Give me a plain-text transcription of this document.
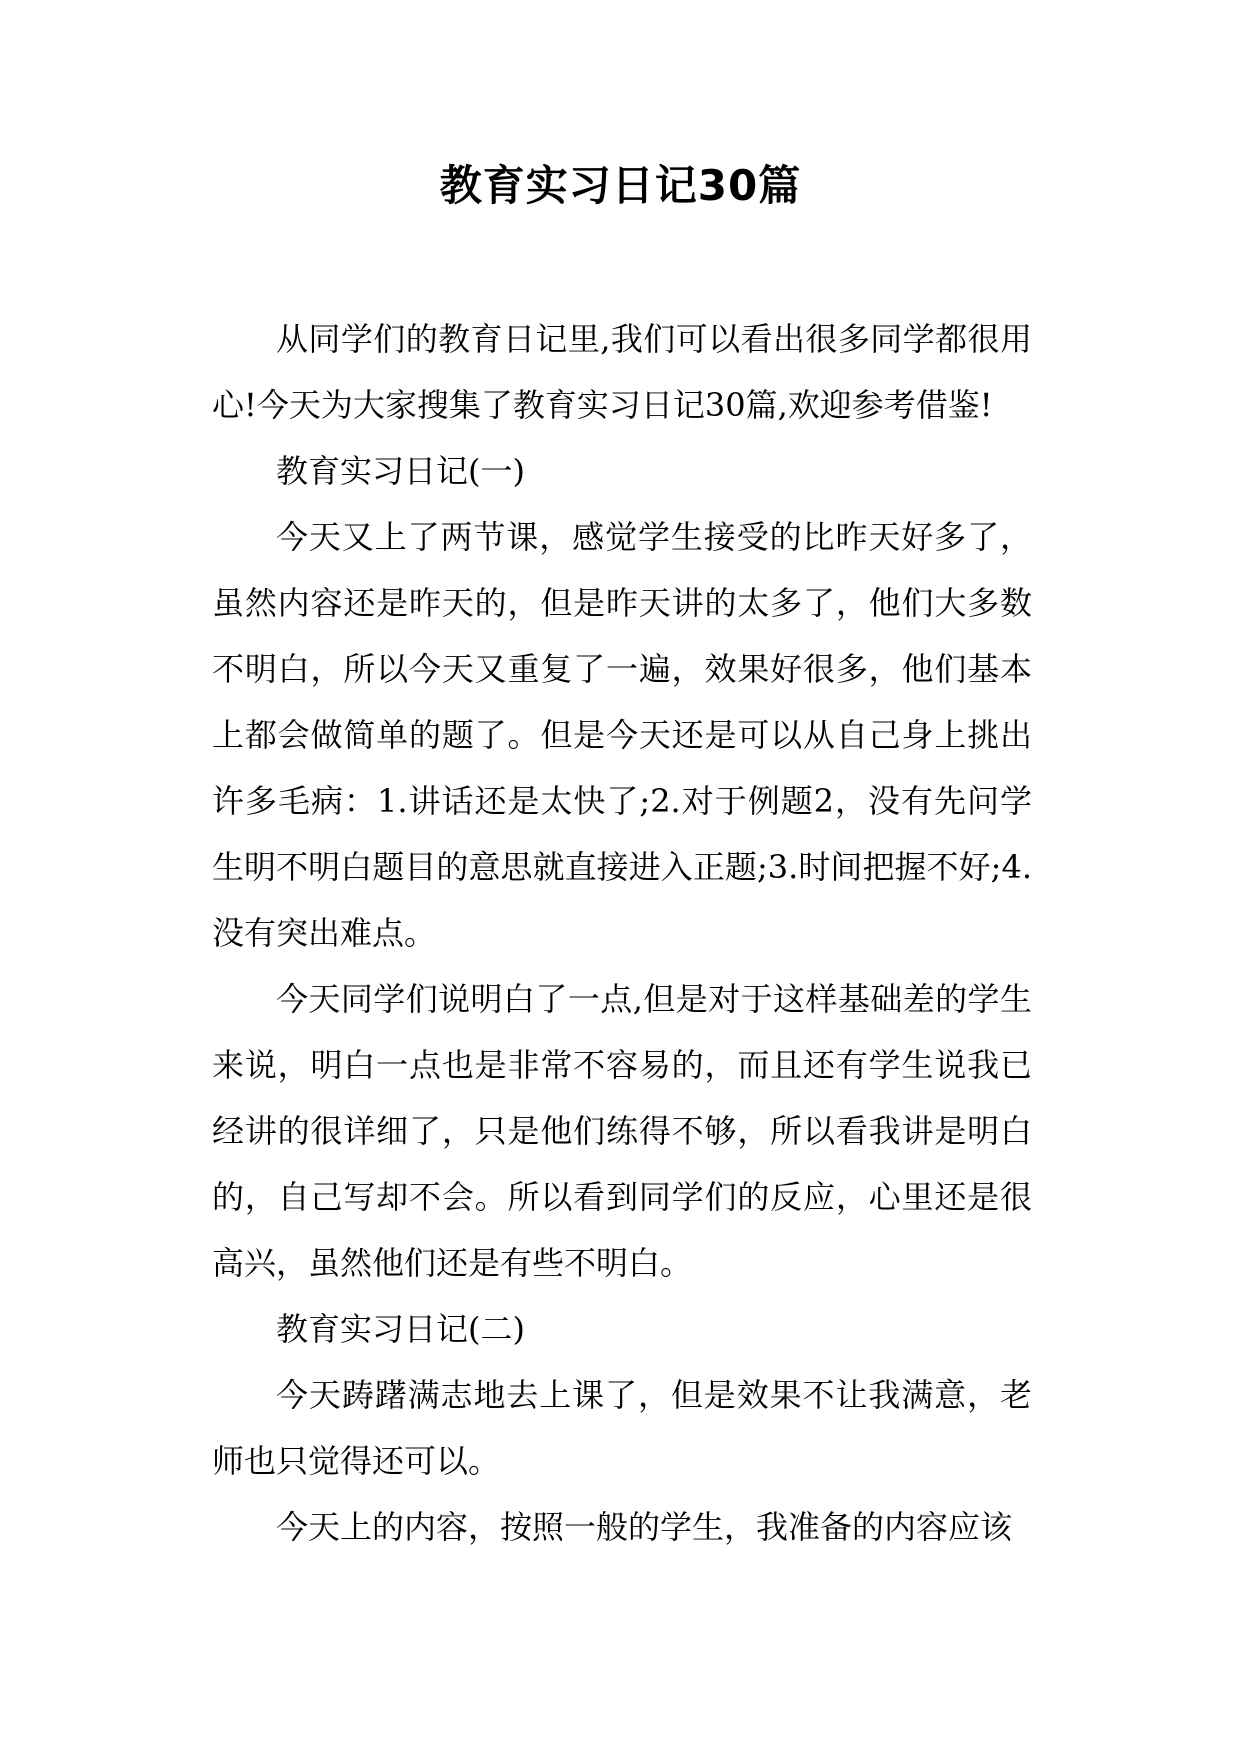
教育实习日记30篇

从同学们的教育日记里,我们可以看出很多同学都很用心!今天为大家搜集了教育实习日记30篇,欢迎参考借鉴!

教育实习日记(一)

今天又上了两节课，感觉学生接受的比昨天好多了，虽然内容还是昨天的，但是昨天讲的太多了，他们大多数不明白，所以今天又重复了一遍，效果好很多，他们基本上都会做简单的题了。但是今天还是可以从自己身上挑出许多毛病：1.讲话还是太快了;2.对于例题2，没有先问学生明不明白题目的意思就直接进入正题;3.时间把握不好;4.没有突出难点。

今天同学们说明白了一点,但是对于这样基础差的学生来说，明白一点也是非常不容易的，而且还有学生说我已经讲的很详细了，只是他们练得不够，所以看我讲是明白的，自己写却不会。所以看到同学们的反应，心里还是很高兴，虽然他们还是有些不明白。

教育实习日记(二)

今天踌躇满志地去上课了，但是效果不让我满意，老师也只觉得还可以。

今天上的内容，按照一般的学生，我准备的内容应该
